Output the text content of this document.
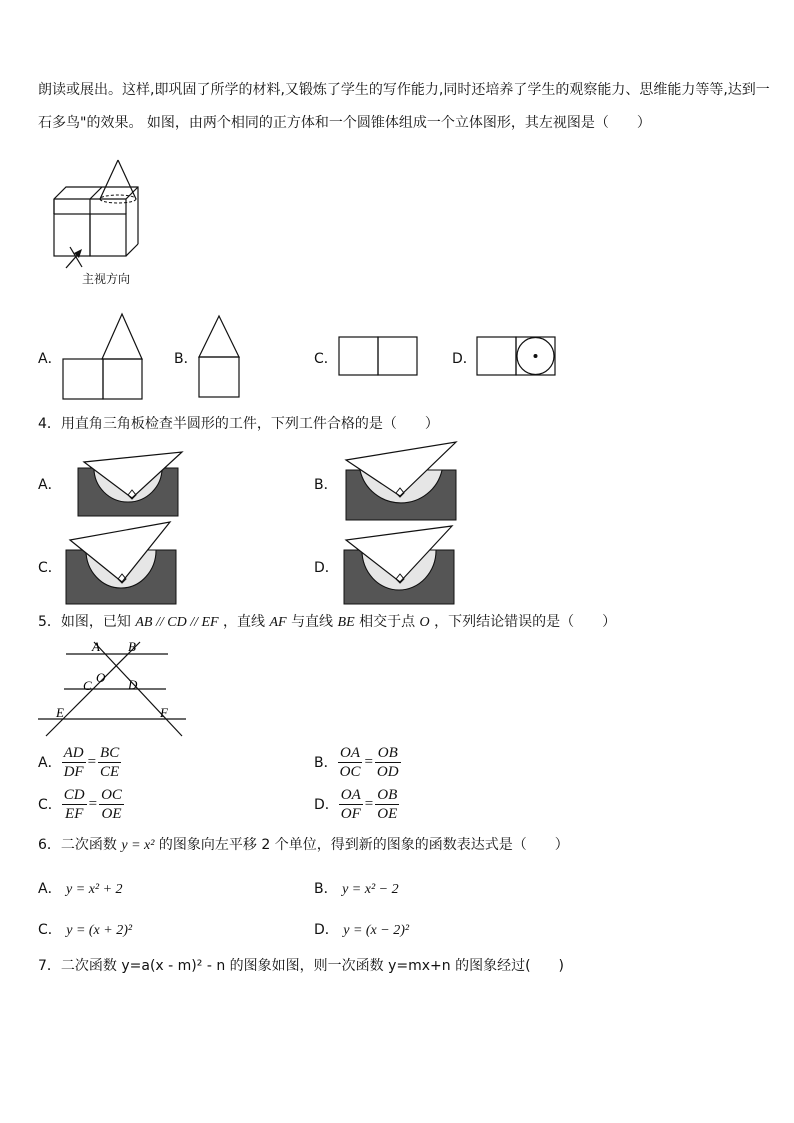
朗读或展出。这样,即巩固了所学的材料,又锻炼了学生的写作能力,同时还培养了学生的观察能力、思维能力等等,达到一
石多鸟"的效果。 如图，由两个相同的正方体和一个圆锥体组成一个立体图形，其左视图是（　　）
主视方向
A．	B．	C．	D．
4．用直角三角板检查半圆形的工件，下列工件合格的是（　　）
A．	B．
C．	D．
5．如图，已知 AB // CD // EF ，直线 AF 与直线 BE 相交于点 O ，下列结论错误的是（　　）
A B
C
O D
E	F
A． $\frac{AD}{DF} = \frac{BC}{CE}$	B． $\frac{OA}{OC} = \frac{OB}{OD}$
C． $\frac{CD}{EF} = \frac{OC}{OE}$	D． $\frac{OA}{OF} = \frac{OB}{OE}$
6．二次函数 y = x² 的图象向左平移 2 个单位，得到新的图象的函数表达式是（　　）
A． y = x² + 2	B． y = x² − 2
C． y = (x + 2)²	D． y = (x − 2)²
7．二次函数 y=a(x - m)² - n 的图象如图，则一次函数 y=mx+n 的图象经过(　　)
